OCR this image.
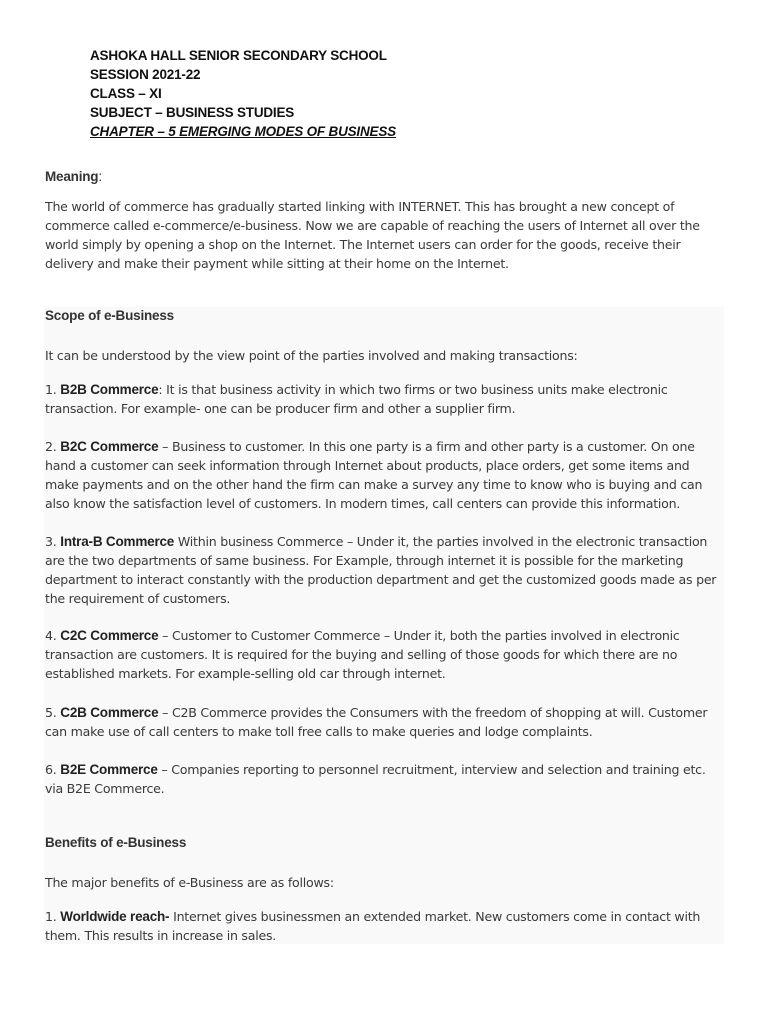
ASHOKA HALL SENIOR SECONDARY SCHOOL
SESSION 2021-22
CLASS – XI
SUBJECT – BUSINESS STUDIES
CHAPTER – 5 EMERGING MODES OF BUSINESS
Meaning:
The world of commerce has gradually started linking with INTERNET. This has brought a new concept of commerce called e-commerce/e-business. Now we are capable of reaching the users of Internet all over the world simply by opening a shop on the Internet. The Internet users can order for the goods, receive their delivery and make their payment while sitting at their home on the Internet.
Scope of e-Business
It can be understood by the view point of the parties involved and making transactions:
1. B2B Commerce: It is that business activity in which two firms or two business units make electronic transaction. For example- one can be producer firm and other a supplier firm.
2. B2C Commerce – Business to customer. In this one party is a firm and other party is a customer. On one hand a customer can seek information through Internet about products, place orders, get some items and make payments and on the other hand the firm can make a survey any time to know who is buying and can also know the satisfaction level of customers. In modern times, call centers can provide this information.
3. Intra-B Commerce Within business Commerce – Under it, the parties involved in the electronic transaction are the two departments of same business. For Example, through internet it is possible for the marketing department to interact constantly with the production department and get the customized goods made as per the requirement of customers.
4. C2C Commerce – Customer to Customer Commerce – Under it, both the parties involved in electronic transaction are customers. It is required for the buying and selling of those goods for which there are no established markets. For example-selling old car through internet.
5. C2B Commerce – C2B Commerce provides the Consumers with the freedom of shopping at will. Customer can make use of call centers to make toll free calls to make queries and lodge complaints.
6. B2E Commerce – Companies reporting to personnel recruitment, interview and selection and training etc. via B2E Commerce.
Benefits of e-Business
The major benefits of e-Business are as follows:
1. Worldwide reach- Internet gives businessmen an extended market. New customers come in contact with them. This results in increase in sales.
